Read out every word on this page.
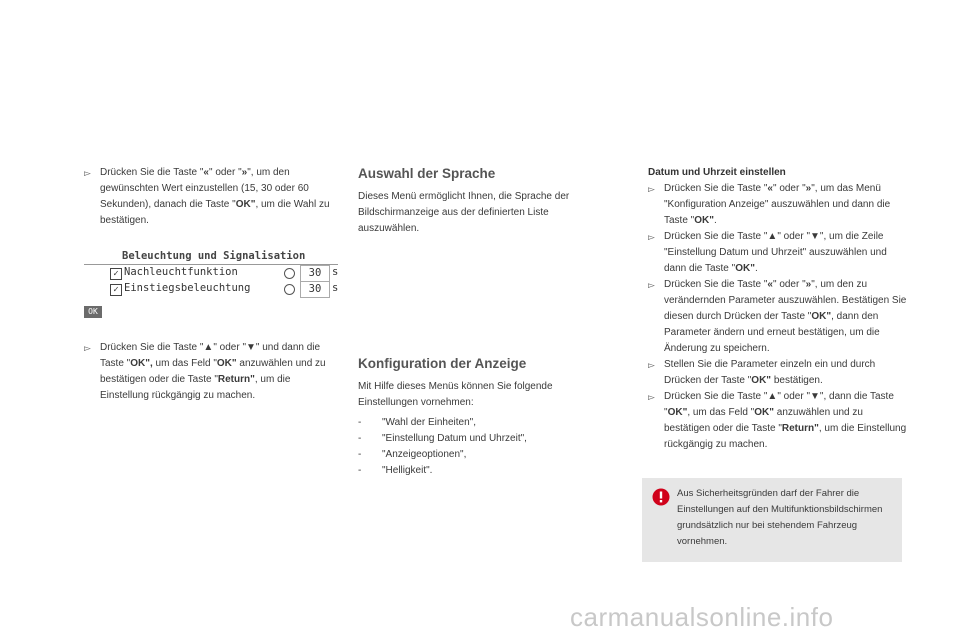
▻ Drücken Sie die Taste "«" oder "»", um den gewünschten Wert einzustellen (15, 30 oder 60 Sekunden), danach die Taste "OK", um die Wahl zu bestätigen.

Beleuchtung und Signalisation
✓ Nachleuchtfunktion	30	s
✓ Einstiegsbeleuchtung	30	s
OK
▻ Drücken Sie die Taste "▲" oder "▼" und dann die Taste "OK", um das Feld "OK" anzuwählen und zu bestätigen oder die Taste "Return", um die Einstellung rückgängig zu machen.

Auswahl der Sprache

Dieses Menü ermöglicht Ihnen, die Sprache der Bildschirmanzeige aus der definierten Liste auszuwählen.

Konfiguration der Anzeige

Mit Hilfe dieses Menüs können Sie folgende Einstellungen vornehmen:

- "Wahl der Einheiten",
- "Einstellung Datum und Uhrzeit",
- "Anzeigeoptionen",
- "Helligkeit".

Datum und Uhrzeit einstellen

▻ Drücken Sie die Taste "«" oder "»", um das Menü "Konfiguration Anzeige" auszuwählen und dann die Taste "OK".

▻ Drücken Sie die Taste "▲" oder "▼", um die Zeile "Einstellung Datum und Uhrzeit" auszuwählen und dann die Taste "OK".

▻ Drücken Sie die Taste "«" oder "»", um den zu verändernden Parameter auszuwählen. Bestätigen Sie diesen durch Drücken der Taste "OK", dann den Parameter ändern und erneut bestätigen, um die Änderung zu speichern.

▻ Stellen Sie die Parameter einzeln ein und durch Drücken der Taste "OK" bestätigen.

▻ Drücken Sie die Taste "▲" oder "▼", dann die Taste "OK", um das Feld "OK" anzuwählen und zu bestätigen oder die Taste "Return", um die Einstellung rückgängig zu machen.

Aus Sicherheitsgründen darf der Fahrer die Einstellungen auf den Multifunktionsbildschirmen grundsätzlich nur bei stehendem Fahrzeug vornehmen.
carmanualsonline.info
